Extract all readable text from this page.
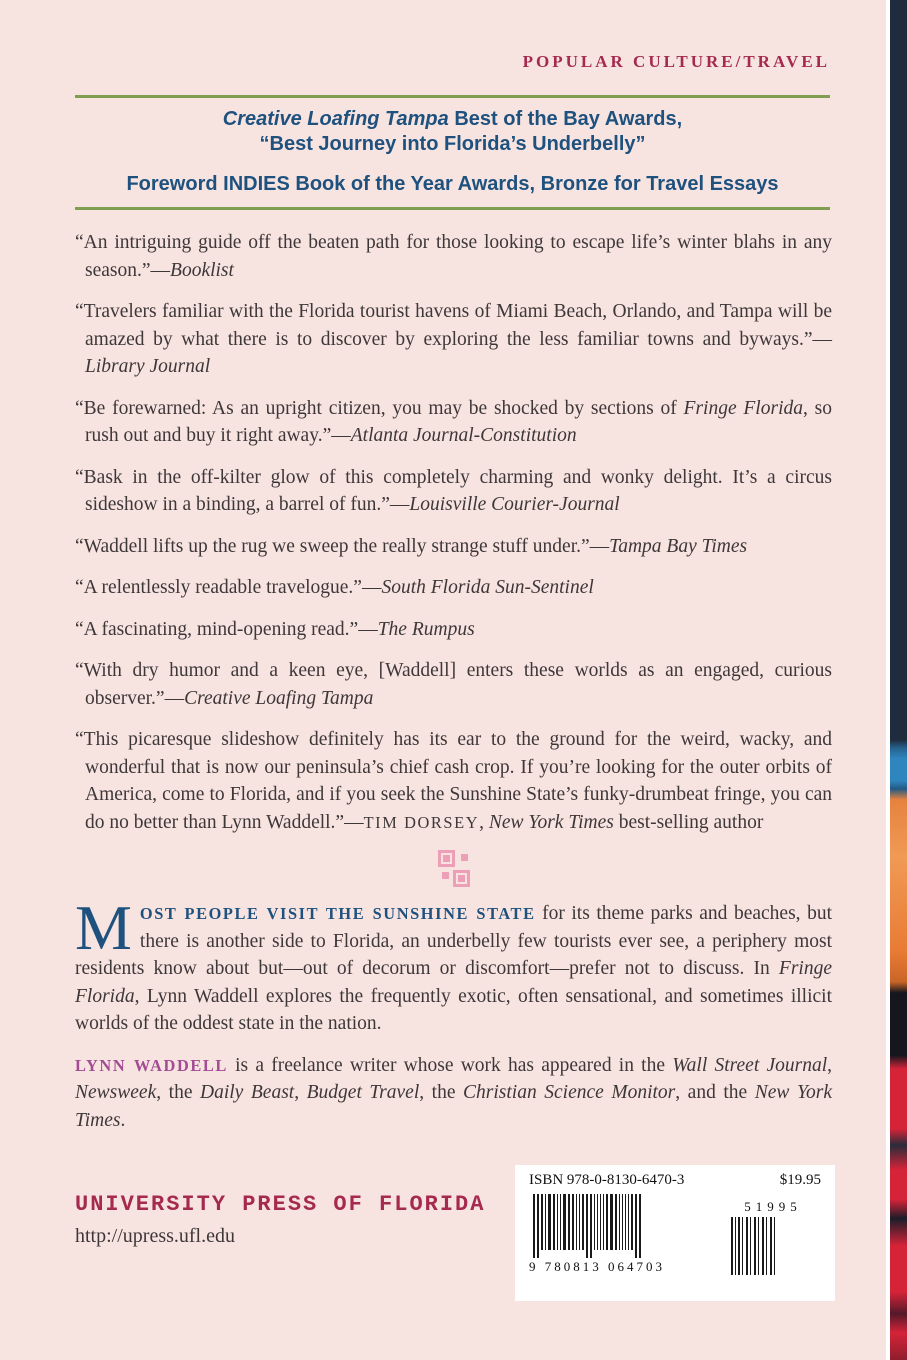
POPULAR CULTURE/TRAVEL
Creative Loafing Tampa Best of the Bay Awards,
“Best Journey into Florida’s Underbelly”
Foreword INDIES Book of the Year Awards, Bronze for Travel Essays

“An intriguing guide off the beaten path for those looking to escape life’s winter blahs in any season.”—Booklist

“Travelers familiar with the Florida tourist havens of Miami Beach, Orlando, and Tampa will be amazed by what there is to discover by exploring the less familiar towns and byways.”—Library Journal

“Be forewarned: As an upright citizen, you may be shocked by sections of Fringe Florida, so rush out and buy it right away.”—Atlanta Journal-Constitution

“Bask in the off-kilter glow of this completely charming and wonky delight. It’s a circus sideshow in a binding, a barrel of fun.”—Louisville Courier-Journal

“Waddell lifts up the rug we sweep the really strange stuff under.”—Tampa Bay Times

“A relentlessly readable travelogue.”—South Florida Sun-Sentinel

“A fascinating, mind-opening read.”—The Rumpus

“With dry humor and a keen eye, [Waddell] enters these worlds as an engaged, curious observer.”—Creative Loafing Tampa

“This picaresque slideshow definitely has its ear to the ground for the weird, wacky, and wonderful that is now our peninsula’s chief cash crop. If you’re looking for the outer orbits of America, come to Florida, and if you seek the Sunshine State’s funky-drumbeat fringe, you can do no better than Lynn Waddell.”—TIM DORSEY, New York Times best-selling author

MOST PEOPLE VISIT THE SUNSHINE STATE for its theme parks and beaches, but there is another side to Florida, an underbelly few tourists ever see, a periphery most residents know about but—out of decorum or discomfort—prefer not to discuss. In Fringe Florida, Lynn Waddell explores the frequently exotic, often sensational, and sometimes illicit worlds of the oddest state in the nation.

LYNN WADDELL is a freelance writer whose work has appeared in the Wall Street Journal, Newsweek, the Daily Beast, Budget Travel, the Christian Science Monitor, and the New York Times.

UNIVERSITY PRESS OF FLORIDA
http://upress.ufl.edu
ISBN 978-0-8130-6470-3	$19.95
9 780813 064703
51995
